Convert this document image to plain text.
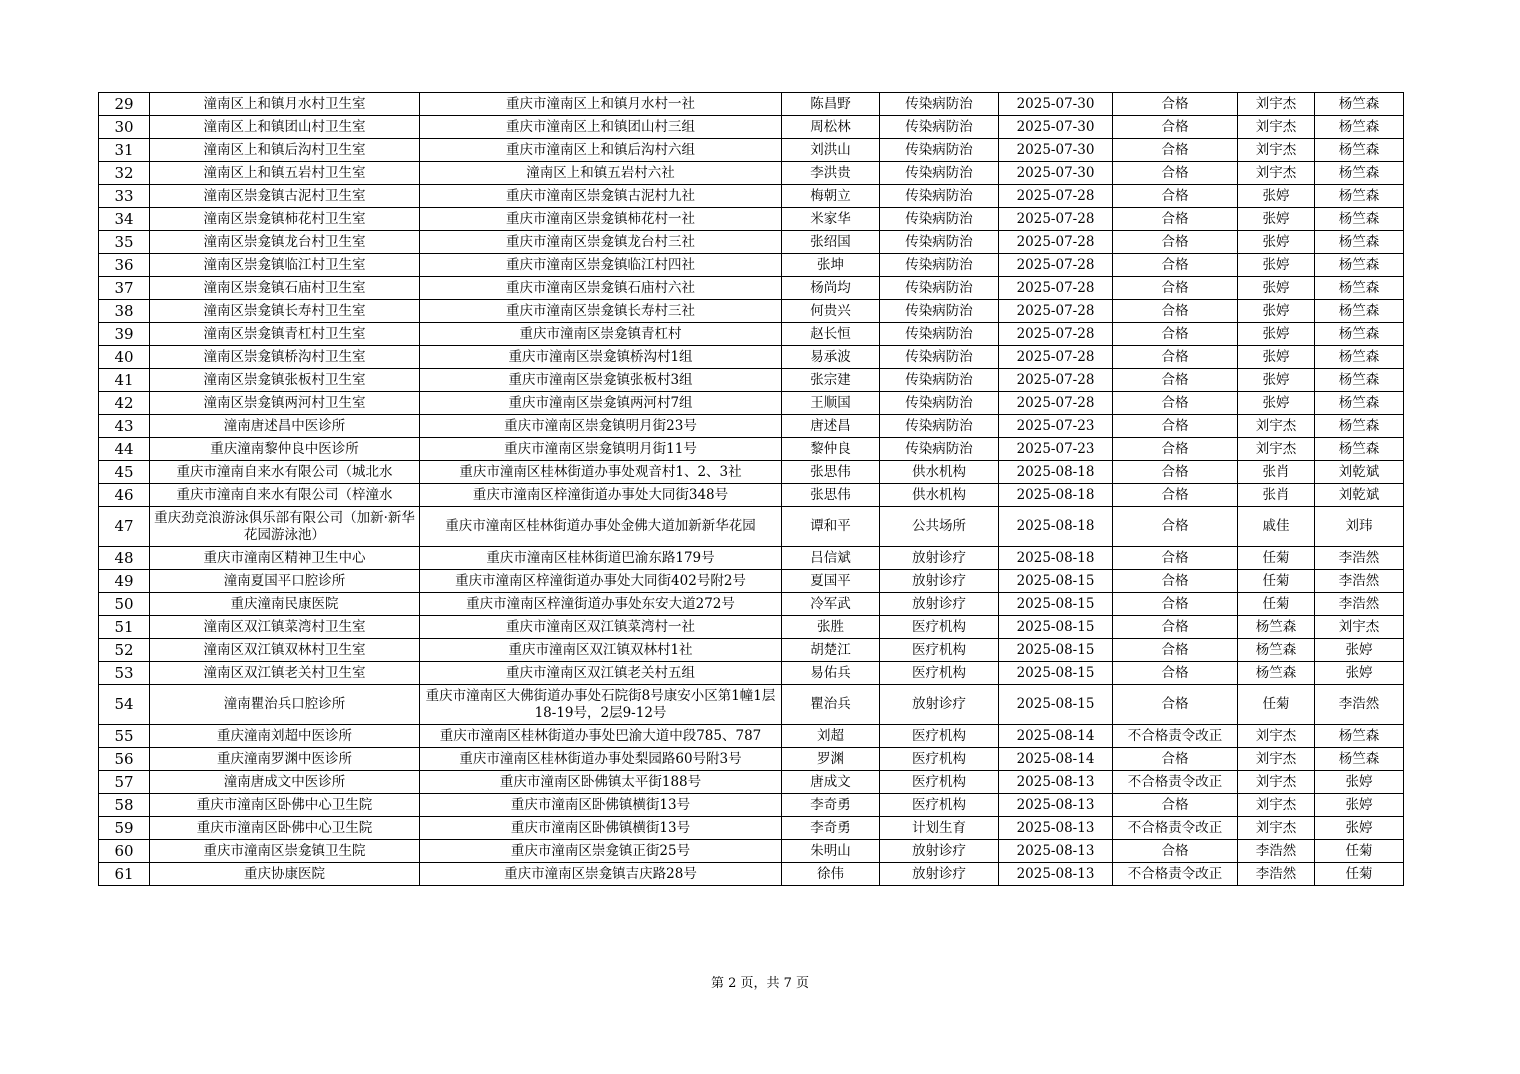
29	潼南区上和镇月水村卫生室	重庆市潼南区上和镇月水村一社	陈昌野	传染病防治	2025-07-30	合格	刘宇杰	杨竺森
30	潼南区上和镇团山村卫生室	重庆市潼南区上和镇团山村三组	周松林	传染病防治	2025-07-30	合格	刘宇杰	杨竺森
31	潼南区上和镇后沟村卫生室	重庆市潼南区上和镇后沟村六组	刘洪山	传染病防治	2025-07-30	合格	刘宇杰	杨竺森
32	潼南区上和镇五岩村卫生室	潼南区上和镇五岩村六社	李洪贵	传染病防治	2025-07-30	合格	刘宇杰	杨竺森
33	潼南区崇龛镇古泥村卫生室	重庆市潼南区崇龛镇古泥村九社	梅朝立	传染病防治	2025-07-28	合格	张婷	杨竺森
34	潼南区崇龛镇柿花村卫生室	重庆市潼南区崇龛镇柿花村一社	米家华	传染病防治	2025-07-28	合格	张婷	杨竺森
35	潼南区崇龛镇龙台村卫生室	重庆市潼南区崇龛镇龙台村三社	张绍国	传染病防治	2025-07-28	合格	张婷	杨竺森
36	潼南区崇龛镇临江村卫生室	重庆市潼南区崇龛镇临江村四社	张坤	传染病防治	2025-07-28	合格	张婷	杨竺森
37	潼南区崇龛镇石庙村卫生室	重庆市潼南区崇龛镇石庙村六社	杨尚均	传染病防治	2025-07-28	合格	张婷	杨竺森
38	潼南区崇龛镇长寿村卫生室	重庆市潼南区崇龛镇长寿村三社	何贵兴	传染病防治	2025-07-28	合格	张婷	杨竺森
39	潼南区崇龛镇青杠村卫生室	重庆市潼南区崇龛镇青杠村	赵长恒	传染病防治	2025-07-28	合格	张婷	杨竺森
40	潼南区崇龛镇桥沟村卫生室	重庆市潼南区崇龛镇桥沟村1组	易承波	传染病防治	2025-07-28	合格	张婷	杨竺森
41	潼南区崇龛镇张板村卫生室	重庆市潼南区崇龛镇张板村3组	张宗建	传染病防治	2025-07-28	合格	张婷	杨竺森
42	潼南区崇龛镇两河村卫生室	重庆市潼南区崇龛镇两河村7组	王顺国	传染病防治	2025-07-28	合格	张婷	杨竺森
43	潼南唐述昌中医诊所	重庆市潼南区崇龛镇明月街23号	唐述昌	传染病防治	2025-07-23	合格	刘宇杰	杨竺森
44	重庆潼南黎仲良中医诊所	重庆市潼南区崇龛镇明月街11号	黎仲良	传染病防治	2025-07-23	合格	刘宇杰	杨竺森
45	重庆市潼南自来水有限公司（城北水	重庆市潼南区桂林街道办事处观音村1、2、3社	张思伟	供水机构	2025-08-18	合格	张肖	刘乾斌
46	重庆市潼南自来水有限公司（梓潼水	重庆市潼南区梓潼街道办事处大同街348号	张思伟	供水机构	2025-08-18	合格	张肖	刘乾斌
47	重庆劲竞浪游泳俱乐部有限公司（加新·新华花园游泳池）	重庆市潼南区桂林街道办事处金佛大道加新新华花园	谭和平	公共场所	2025-08-18	合格	戚佳	刘玮
48	重庆市潼南区精神卫生中心	重庆市潼南区桂林街道巴渝东路179号	吕信斌	放射诊疗	2025-08-18	合格	任菊	李浩然
49	潼南夏国平口腔诊所	重庆市潼南区梓潼街道办事处大同街402号附2号	夏国平	放射诊疗	2025-08-15	合格	任菊	李浩然
50	重庆潼南民康医院	重庆市潼南区梓潼街道办事处东安大道272号	冷军武	放射诊疗	2025-08-15	合格	任菊	李浩然
51	潼南区双江镇菜湾村卫生室	重庆市潼南区双江镇菜湾村一社	张胜	医疗机构	2025-08-15	合格	杨竺森	刘宇杰
52	潼南区双江镇双林村卫生室	重庆市潼南区双江镇双林村1社	胡楚江	医疗机构	2025-08-15	合格	杨竺森	张婷
53	潼南区双江镇老关村卫生室	重庆市潼南区双江镇老关村五组	易佑兵	医疗机构	2025-08-15	合格	杨竺森	张婷
54	潼南瞿治兵口腔诊所	重庆市潼南区大佛街道办事处石院街8号康安小区第1幢1层18-19号，2层9-12号	瞿治兵	放射诊疗	2025-08-15	合格	任菊	李浩然
55	重庆潼南刘超中医诊所	重庆市潼南区桂林街道办事处巴渝大道中段785、787	刘超	医疗机构	2025-08-14	不合格责令改正	刘宇杰	杨竺森
56	重庆潼南罗渊中医诊所	重庆市潼南区桂林街道办事处梨园路60号附3号	罗渊	医疗机构	2025-08-14	合格	刘宇杰	杨竺森
57	潼南唐成文中医诊所	重庆市潼南区卧佛镇太平街188号	唐成文	医疗机构	2025-08-13	不合格责令改正	刘宇杰	张婷
58	重庆市潼南区卧佛中心卫生院	重庆市潼南区卧佛镇横街13号	李奇勇	医疗机构	2025-08-13	合格	刘宇杰	张婷
59	重庆市潼南区卧佛中心卫生院	重庆市潼南区卧佛镇横街13号	李奇勇	计划生育	2025-08-13	不合格责令改正	刘宇杰	张婷
60	重庆市潼南区崇龛镇卫生院	重庆市潼南区崇龛镇正街25号	朱明山	放射诊疗	2025-08-13	合格	李浩然	任菊
61	重庆协康医院	重庆市潼南区崇龛镇吉庆路28号	徐伟	放射诊疗	2025-08-13	不合格责令改正	李浩然	任菊
第 2 页，共 7 页
